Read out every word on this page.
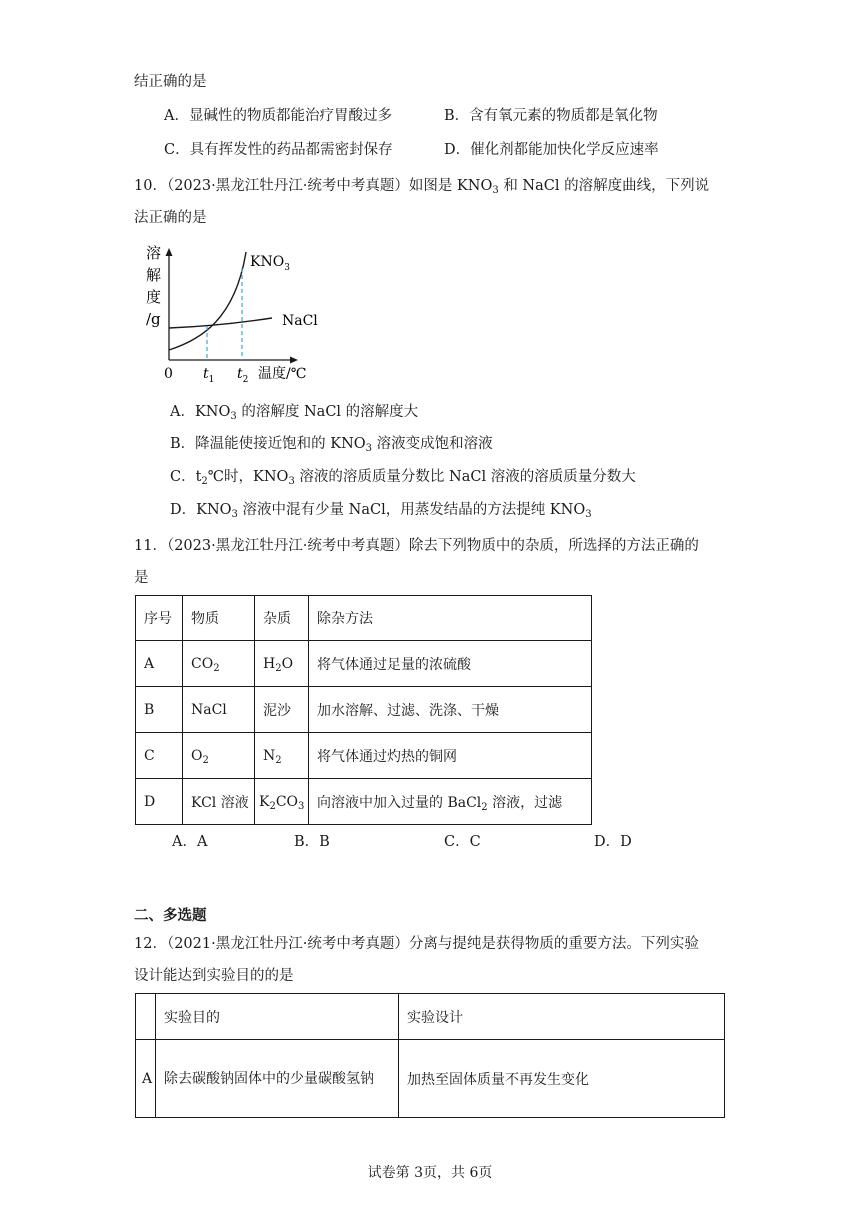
结正确的是
A．显碱性的物质都能治疗胃酸过多	B．含有氧元素的物质都是氧化物
C．具有挥发性的药品都需密封保存	D．催化剂都能加快化学反应速率
10．（2023·黑龙江牡丹江·统考中考真题）如图是 $KNO_3$ 和 NaCl 的溶解度曲线，下列说
法正确的是
溶
解
度
/g
0
$KNO_3$
NaCl
$t_1$ $t_2$ 温度/℃
A．$KNO_3$ 的溶解度 NaCl 的溶解度大
B．降温能使接近饱和的 $KNO_3$ 溶液变成饱和溶液
C．$t_2℃$时，$KNO_3$ 溶液的溶质质量分数比 NaCl 溶液的溶质质量分数大
D．$KNO_3$ 溶液中混有少量 NaCl，用蒸发结晶的方法提纯 $KNO_3$
11．（2023·黑龙江牡丹江·统考中考真题）除去下列物质中的杂质，所选择的方法正确的
是
序号	物质	杂质	除杂方法
A	$CO_2$	$H_2O$	将气体通过足量的浓硫酸
B	NaCl	泥沙	加水溶解、过滤、洗涤、干燥
C	$O_2$	$N_2$	将气体通过灼热的铜网
D	KCl 溶液	$K_2CO_3$	向溶液中加入过量的 BaCl$_2$ 溶液，过滤
A．A	B．B	C．C	D．D
二、多选题
12．（2021·黑龙江牡丹江·统考中考真题）分离与提纯是获得物质的重要方法。下列实验
设计能达到实验目的的是
	实验目的	实验设计
A	除去碳酸钠固体中的少量碳酸氢钠	加热至固体质量不再发生变化
试卷第 3页，共 6页
